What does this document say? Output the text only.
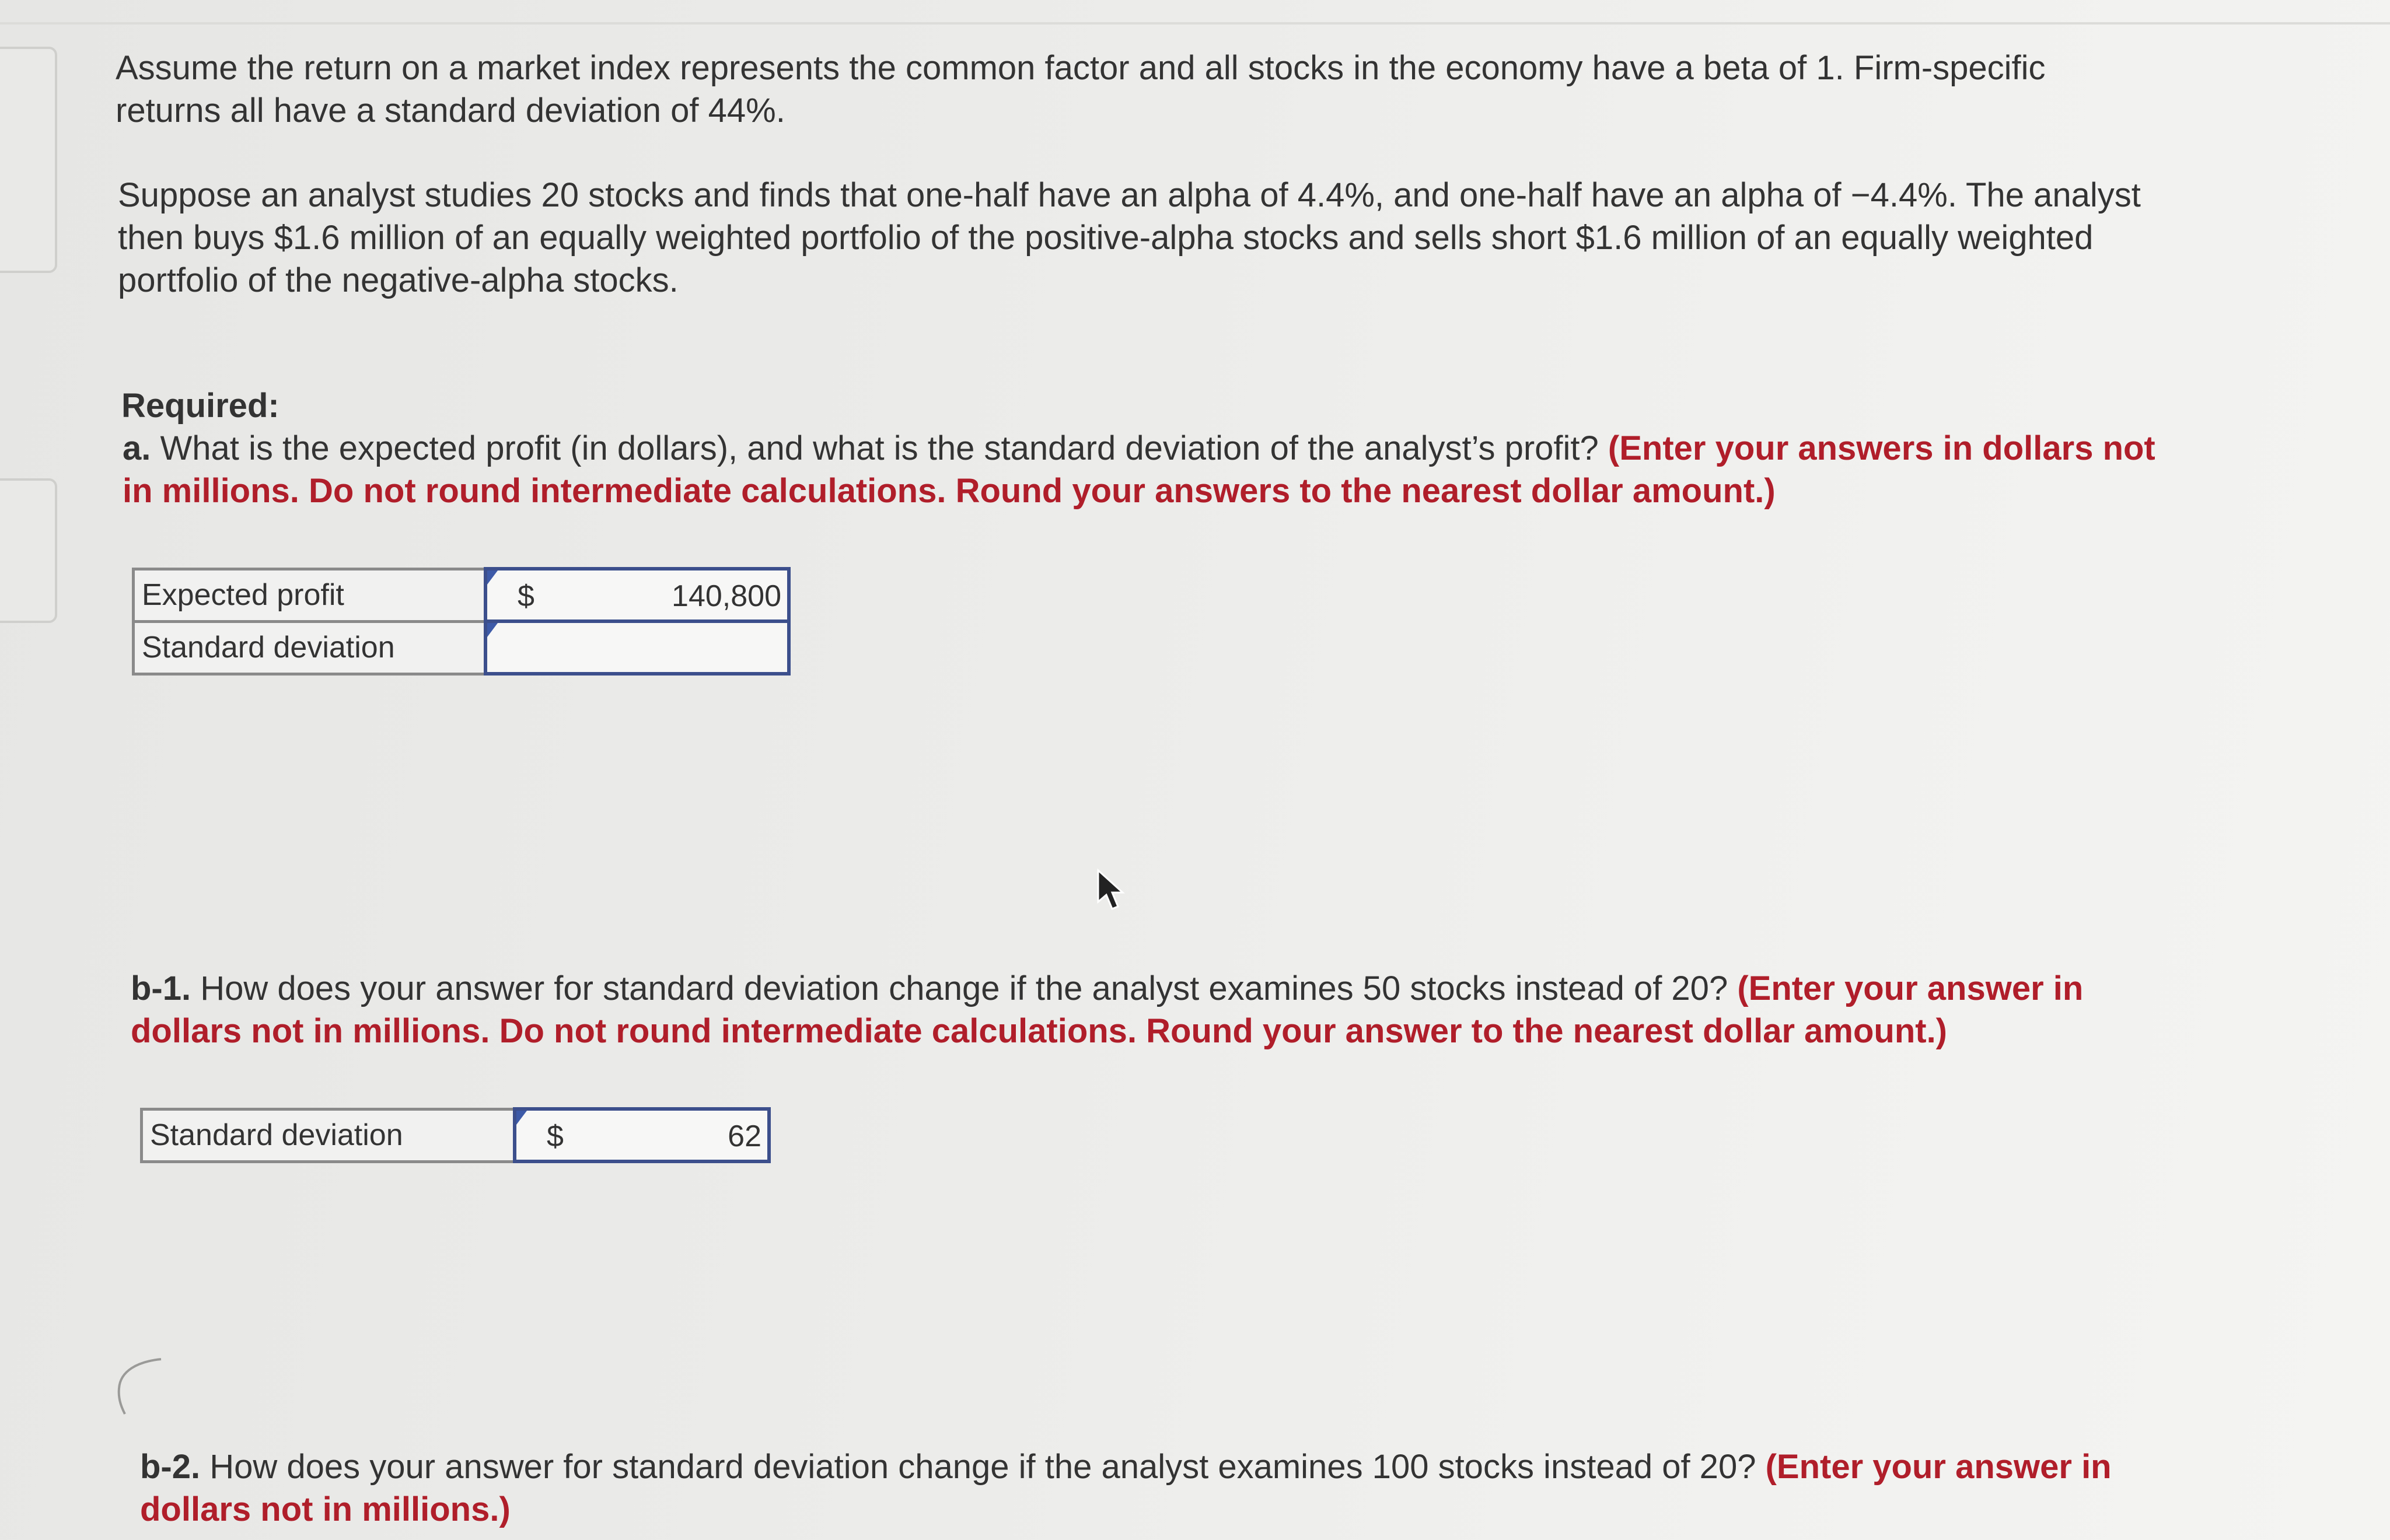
Assume the return on a market index represents the common factor and all stocks in the economy have a beta of 1. Firm-specific
returns all have a standard deviation of 44%.

Suppose an analyst studies 20 stocks and finds that one-half have an alpha of 4.4%, and one-half have an alpha of −4.4%. The analyst
then buys $1.6 million of an equally weighted portfolio of the positive-alpha stocks and sells short $1.6 million of an equally weighted
portfolio of the negative-alpha stocks.

Required:

a. What is the expected profit (in dollars), and what is the standard deviation of the analyst’s profit? (Enter your answers in dollars not
in millions. Do not round intermediate calculations. Round your answers to the nearest dollar amount.)

Expected profit	$ 140,800

Standard deviation	

b-1. How does your answer for standard deviation change if the analyst examines 50 stocks instead of 20? (Enter your answer in
dollars not in millions. Do not round intermediate calculations. Round your answer to the nearest dollar amount.)

Standard deviation	$	62

b-2. How does your answer for standard deviation change if the analyst examines 100 stocks instead of 20? (Enter your answer in
dollars not in millions.)
